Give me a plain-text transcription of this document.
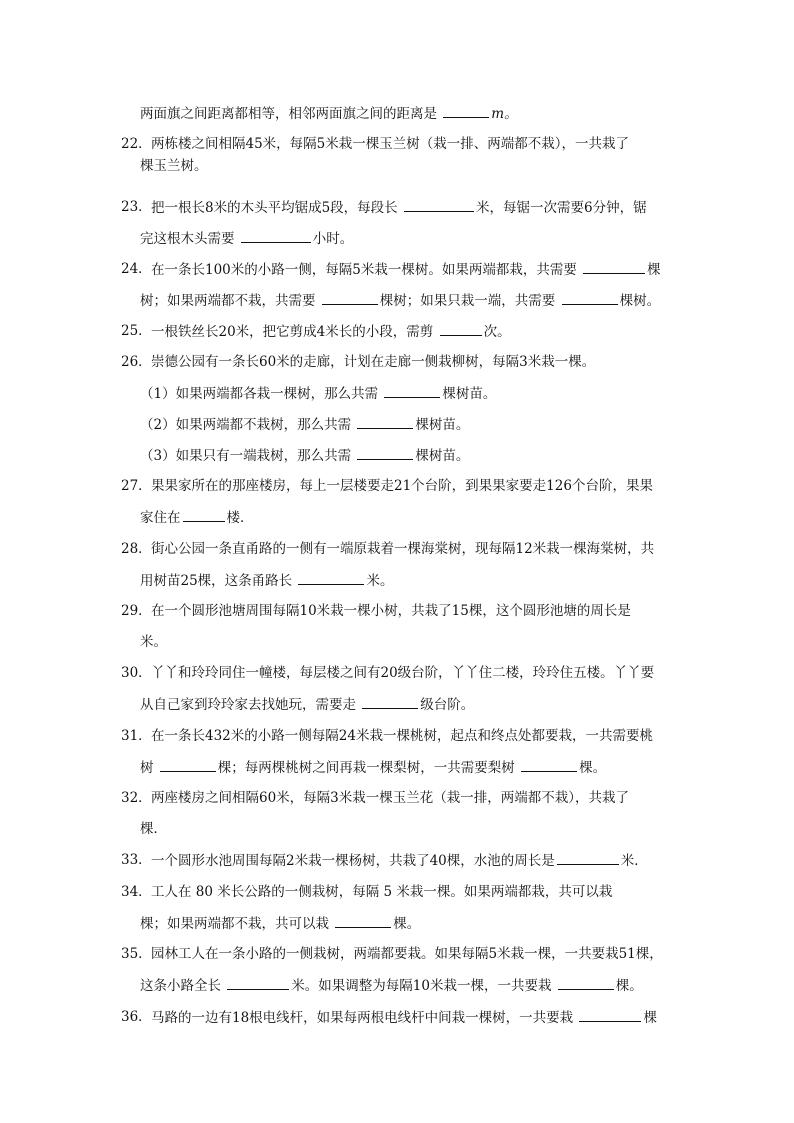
两面旗之间距离都相等，相邻两面旗之间的距离是	m。
22． 两栋楼之间相隔45米，每隔5米栽一棵玉兰树（栽一排、两端都不栽），一共栽了
棵玉兰树。
23． 把一根长8米的木头平均锯成5段，每段长	米，每锯一次需要6分钟，锯
完这根木头需要	小时。
24． 在一条长100米的小路一侧，每隔5米栽一棵树。如果两端都栽，共需要	棵
树；如果两端都不栽，共需要	棵树；如果只栽一端，共需要	棵树。
25． 一根铁丝长20米，把它剪成4米长的小段，需剪	次。
26． 崇德公园有一条长60米的走廊，计划在走廊一侧栽柳树，每隔3米栽一棵。
（1）如果两端都各栽一棵树，那么共需	棵树苗。
（2）如果两端都不栽树，那么共需	棵树苗。
（3）如果只有一端栽树，那么共需	棵树苗。
27． 果果家所在的那座楼房，每上一层楼要走21个台阶，到果果家要走126个台阶，果果
家住在	楼．
28． 街心公园一条直甬路的一侧有一端原栽着一棵海棠树，现每隔12米栽一棵海棠树，共
用树苗25棵，这条甬路长	米。
29． 在一个圆形池塘周围每隔10米栽一棵小树，共栽了15棵，这个圆形池塘的周长是
米。
30． 丫丫和玲玲同住一幢楼，每层楼之间有20级台阶，丫丫住二楼，玲玲住五楼。丫丫要
从自己家到玲玲家去找她玩，需要走	级台阶。
31． 在一条长432米的小路一侧每隔24米栽一棵桃树，起点和终点处都要栽，一共需要桃
树	棵；每两棵桃树之间再栽一棵梨树，一共需要梨树	棵。
32． 两座楼房之间相隔60米，每隔3米栽一棵玉兰花（栽一排，两端都不栽），共栽了
棵．
33． 一个圆形水池周围每隔2米栽一棵杨树，共栽了40棵，水池的周长是	米．
34． 工人在 80 米长公路的一侧栽树，每隔 5 米栽一棵。如果两端都栽，共可以栽
棵；如果两端都不栽，共可以栽	棵。
35． 园林工人在一条小路的一侧栽树，两端都要栽。如果每隔5米栽一棵，一共要栽51棵，
这条小路全长	米。如果调整为每隔10米栽一棵，一共要栽	棵。
36． 马路的一边有18根电线杆，如果每两根电线杆中间栽一棵树，一共要栽	棵
